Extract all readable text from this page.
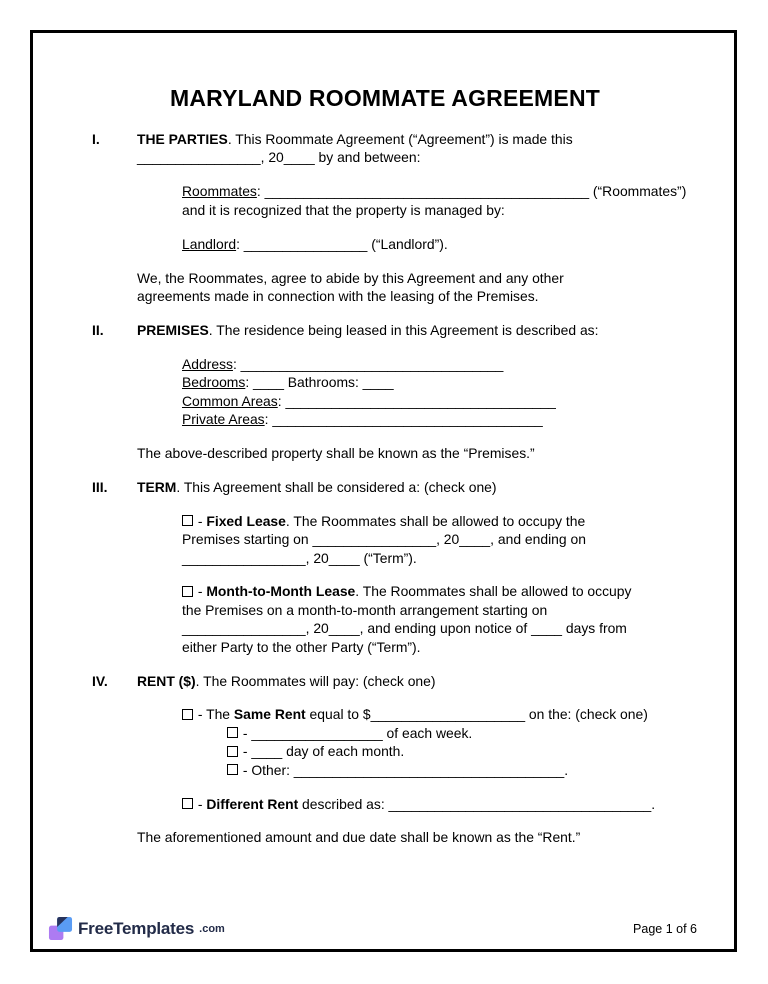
MARYLAND ROOMMATE AGREEMENT
I.	THE PARTIES. This Roommate Agreement (“Agreement”) is made this
________________, 20____ by and between:
Roommates: __________________________________________ (“Roommates”)
and it is recognized that the property is managed by:
Landlord: ________________ (“Landlord”).
We, the Roommates, agree to abide by this Agreement and any other
agreements made in connection with the leasing of the Premises.
II.	PREMISES. The residence being leased in this Agreement is described as:
Address: __________________________________
Bedrooms: ____ Bathrooms: ____
Common Areas: ___________________________________
Private Areas: ___________________________________
The above-described property shall be known as the “Premises.”
III.	TERM. This Agreement shall be considered a: (check one)
- Fixed Lease. The Roommates shall be allowed to occupy the
Premises starting on ________________, 20____, and ending on
________________, 20____ (“Term”).
- Month-to-Month Lease. The Roommates shall be allowed to occupy
the Premises on a month-to-month arrangement starting on
________________, 20____, and ending upon notice of ____ days from
either Party to the other Party (“Term”).
IV.	RENT ($). The Roommates will pay: (check one)
- The Same Rent equal to $____________________ on the: (check one)
- _________________ of each week.
- ____ day of each month.
- Other: ___________________________________.
- Different Rent described as: __________________________________.
The aforementioned amount and due date shall be known as the “Rent.”
FreeTemplates .com	Page 1 of 6
